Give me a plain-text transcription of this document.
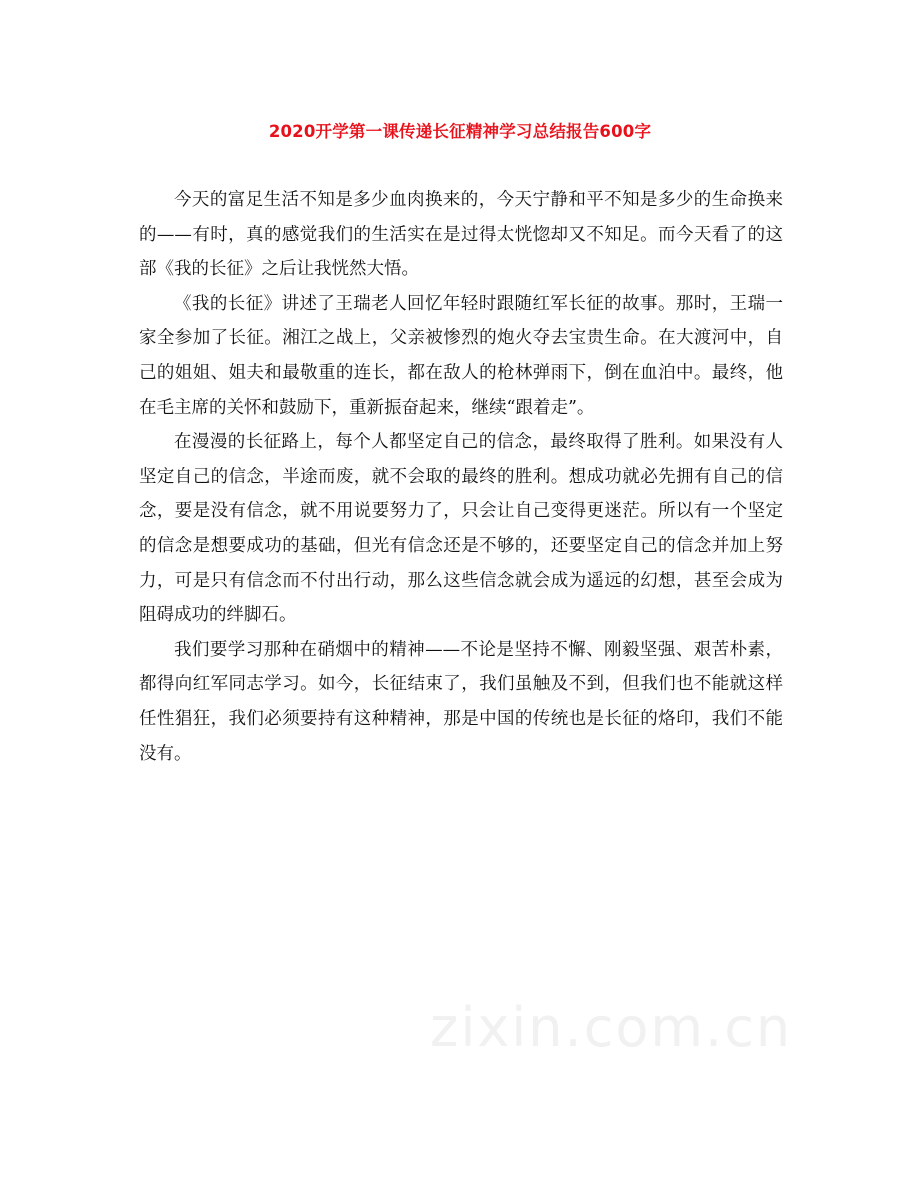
2020开学第一课传递长征精神学习总结报告600字

今天的富足生活不知是多少血肉换来的，今天宁静和平不知是多少的生命换来的——有时，真的感觉我们的生活实在是过得太恍惚却又不知足。而今天看了的这部《我的长征》之后让我恍然大悟。

《我的长征》讲述了王瑞老人回忆年轻时跟随红军长征的故事。那时，王瑞一家全参加了长征。湘江之战上，父亲被惨烈的炮火夺去宝贵生命。在大渡河中，自己的姐姐、姐夫和最敬重的连长，都在敌人的枪林弹雨下，倒在血泊中。最终，他在毛主席的关怀和鼓励下，重新振奋起来，继续“跟着走”。

在漫漫的长征路上，每个人都坚定自己的信念，最终取得了胜利。如果没有人坚定自己的信念，半途而废，就不会取的最终的胜利。想成功就必先拥有自己的信念，要是没有信念，就不用说要努力了，只会让自己变得更迷茫。所以有一个坚定的信念是想要成功的基础，但光有信念还是不够的，还要坚定自己的信念并加上努力，可是只有信念而不付出行动，那么这些信念就会成为遥远的幻想，甚至会成为阻碍成功的绊脚石。

我们要学习那种在硝烟中的精神——不论是坚持不懈、刚毅坚强、艰苦朴素，都得向红军同志学习。如今，长征结束了，我们虽触及不到，但我们也不能就这样任性猖狂，我们必须要持有这种精神，那是中国的传统也是长征的烙印，我们不能没有。

zixin.com.cn
